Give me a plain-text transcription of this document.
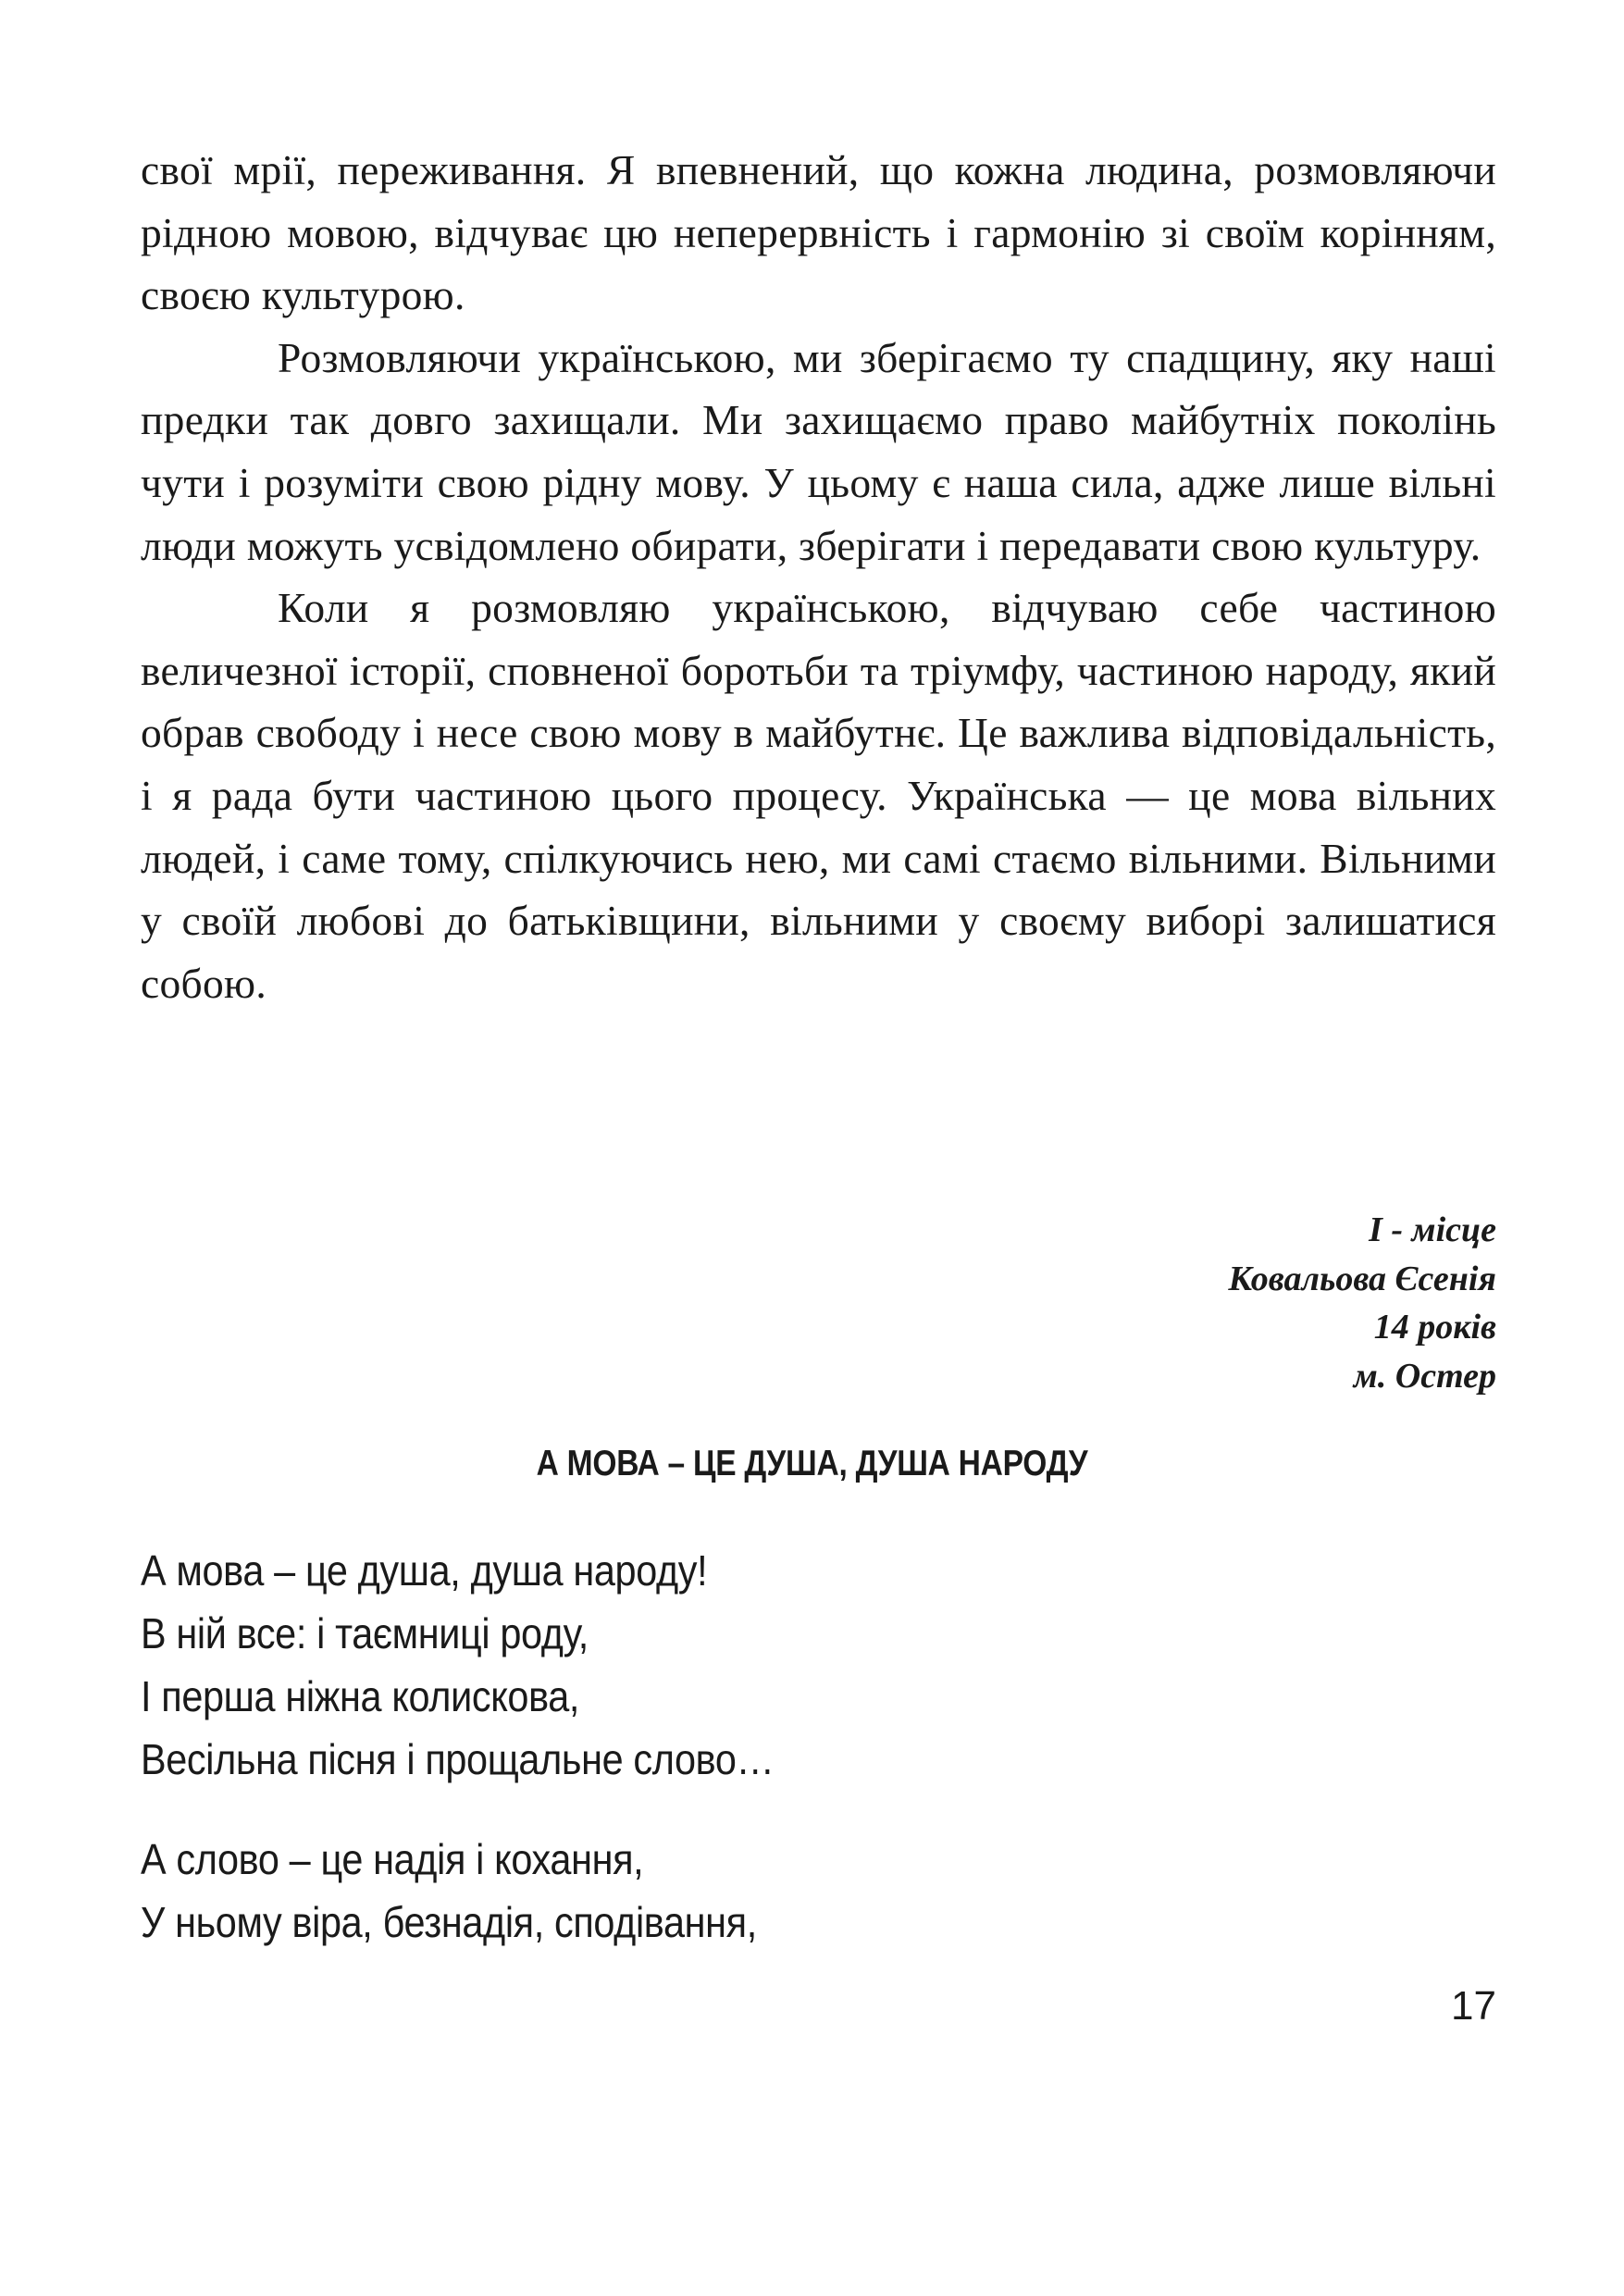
свої мрії, переживання. Я впевнений, що кожна людина, розмовляючи рідною мовою, відчуває цю неперервність і гармонію зі своїм корінням, своєю культурою.

Розмовляючи українською, ми зберігаємо ту спадщину, яку наші предки так довго захищали. Ми захищаємо право майбутніх поколінь чути і розуміти свою рідну мову. У цьому є наша сила, адже лише вільні люди можуть усвідомлено обирати, зберігати і передавати свою культуру.

Коли я розмовляю українською, відчуваю себе частиною величезної історії, сповненої боротьби та тріумфу, частиною народу, який обрав свободу і несе свою мову в майбутнє. Це важлива відповідальність, і я рада бути частиною цього процесу. Українська — це мова вільних людей, і саме тому, спілкуючись нею, ми самі стаємо вільними. Вільними у своїй любові до батьківщини, вільними у своєму виборі залишатися собою.

I - місце
Ковальова Єсенія
14 років
м. Остер
А МОВА – ЦЕ ДУША, ДУША НАРОДУ
А мова – це душа, душа народу!
В ній все: і таємниці роду,
І перша ніжна колискова,
Весільна пісня і прощальне слово…
А слово – це надія і кохання,
У ньому віра, безнадія, сподівання,
17
